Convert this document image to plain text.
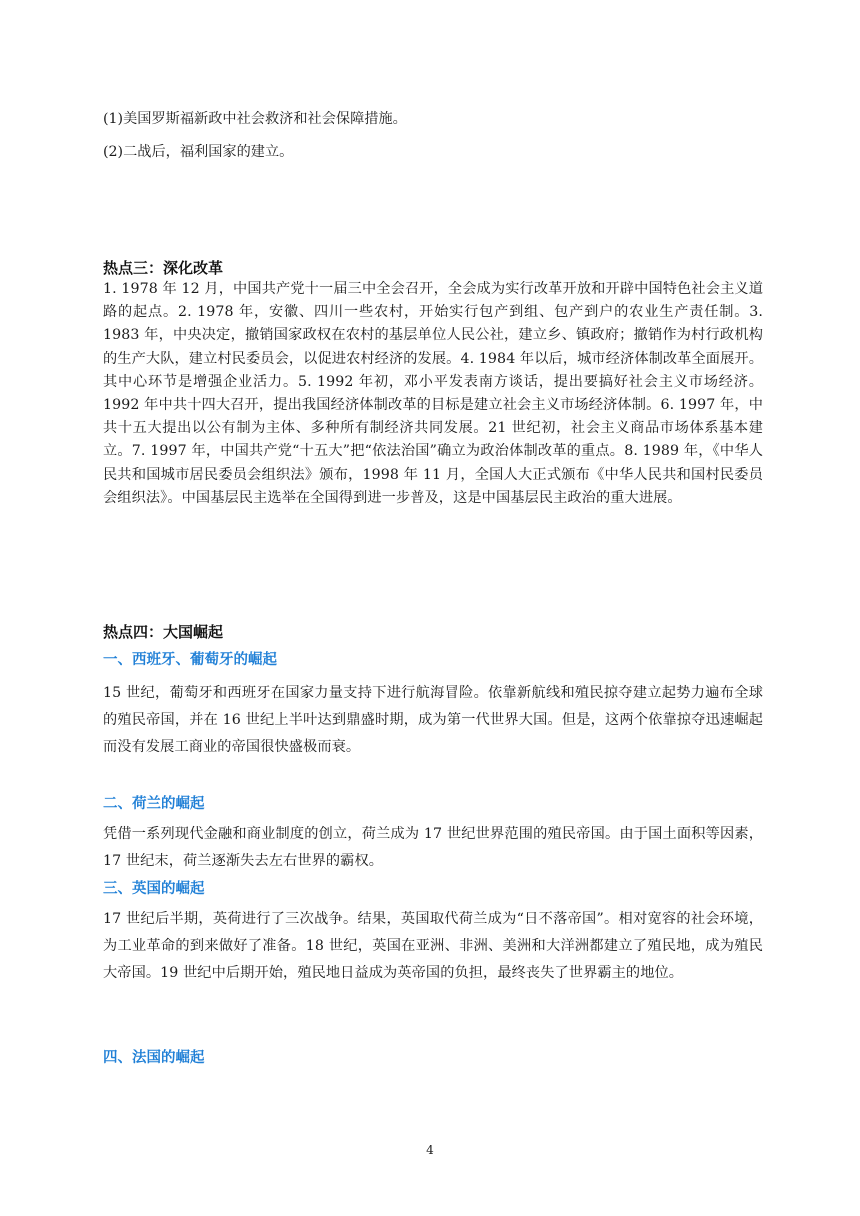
(1)美国罗斯福新政中社会救济和社会保障措施。

(2)二战后，福利国家的建立。

热点三：深化改革

1. 1978 年 12 月，中国共产党十一届三中全会召开，全会成为实行改革开放和开辟中国特色社会主义道路的起点。2. 1978 年，安徽、四川一些农村，开始实行包产到组、包产到户的农业生产责任制。3. 1983 年，中央决定，撤销国家政权在农村的基层单位人民公社，建立乡、镇政府；撤销作为村行政机构的生产大队，建立村民委员会，以促进农村经济的发展。4. 1984 年以后，城市经济体制改革全面展开。其中心环节是增强企业活力。5. 1992 年初，邓小平发表南方谈话，提出要搞好社会主义市场经济。1992 年中共十四大召开，提出我国经济体制改革的目标是建立社会主义市场经济体制。6. 1997 年，中共十五大提出以公有制为主体、多种所有制经济共同发展。21 世纪初，社会主义商品市场体系基本建立。7. 1997 年，中国共产党“十五大”把“依法治国”确立为政治体制改革的重点。8. 1989 年，《中华人民共和国城市居民委员会组织法》颁布，1998 年 11 月，全国人大正式颁布《中华人民共和国村民委员会组织法》。中国基层民主选举在全国得到进一步普及，这是中国基层民主政治的重大进展。

热点四：大国崛起
一、西班牙、葡萄牙的崛起

15 世纪，葡萄牙和西班牙在国家力量支持下进行航海冒险。依靠新航线和殖民掠夺建立起势力遍布全球的殖民帝国，并在 16 世纪上半叶达到鼎盛时期，成为第一代世界大国。但是，这两个依靠掠夺迅速崛起而没有发展工商业的帝国很快盛极而衰。

二、荷兰的崛起

凭借一系列现代金融和商业制度的创立，荷兰成为 17 世纪世界范围的殖民帝国。由于国土面积等因素，17 世纪末，荷兰逐渐失去左右世界的霸权。

三、英国的崛起

17 世纪后半期，英荷进行了三次战争。结果，英国取代荷兰成为“日不落帝国”。相对宽容的社会环境，为工业革命的到来做好了准备。18 世纪，英国在亚洲、非洲、美洲和大洋洲都建立了殖民地，成为殖民大帝国。19 世纪中后期开始，殖民地日益成为英帝国的负担，最终丧失了世界霸主的地位。

四、法国的崛起
4
